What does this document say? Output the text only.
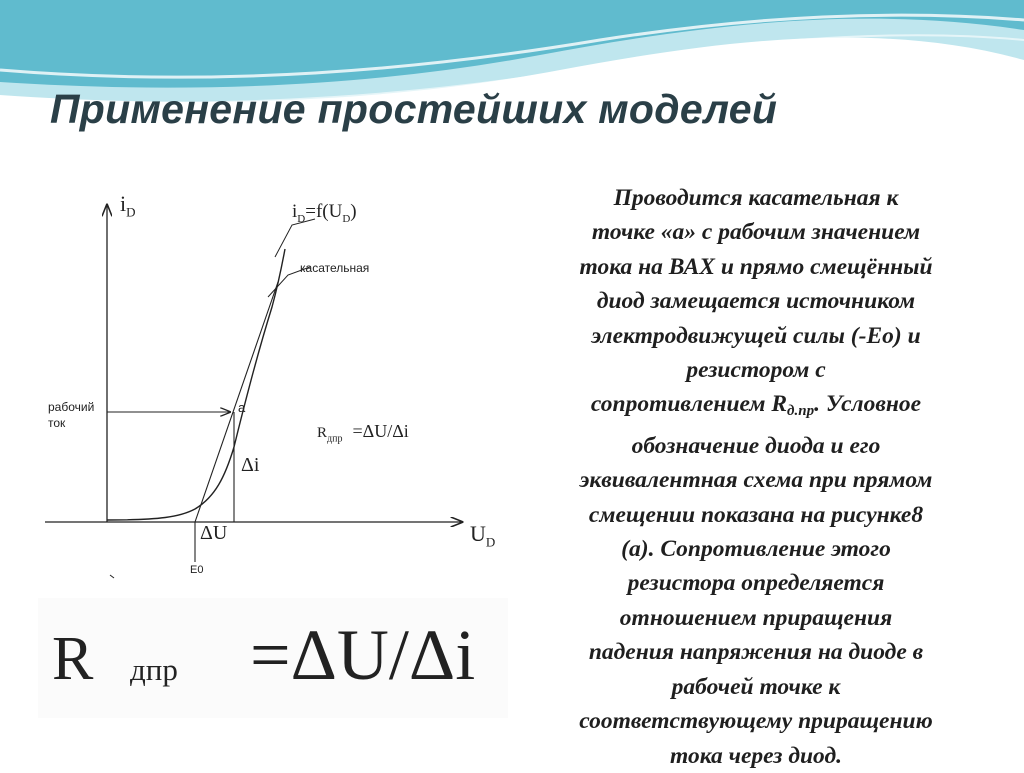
Применение простейших моделей
$i_D$
$U_D$
$i_D=f(U_D)$
касательная
рабочий
ток
a
Δi
ΔU
E0
$R_{дпр} =\Delta U/\Delta i$
R дпр =ΔU/Δi
Проводится касательная к
точке «а» с рабочим значением
тока на ВАХ и прямо смещённый
диод замещается источником
электродвижущей силы (-Ео) и
резистором с
сопротивлением $R_{д.пр}$. Условное
обозначение диода и его
эквивалентная схема при прямом
смещении показана на рисунке8
(а). Сопротивление этого
резистора определяется
отношением приращения
падения напряжения на диоде в
рабочей точке к
соответствующему приращению
тока через диод.
